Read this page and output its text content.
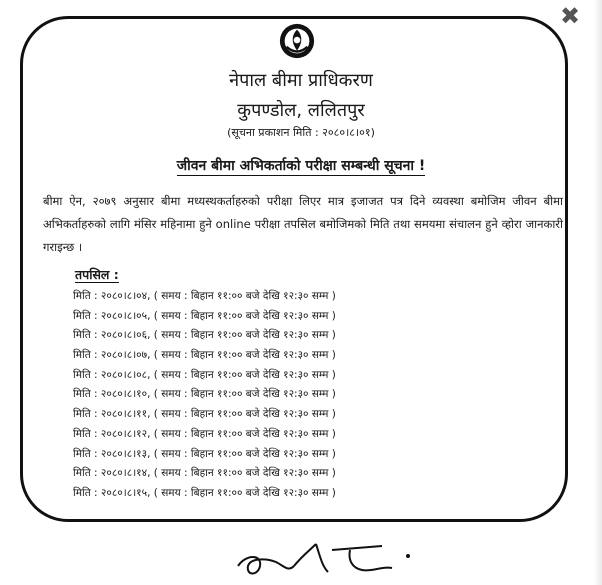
✖
नेपाल बीमा प्राधिकरण
कुपण्डोल, ललितपुर
(सूचना प्रकाशन मिति : २०८०।८।०१)
जीवन बीमा अभिकर्ताको परीक्षा सम्बन्धी सूचना !
बीमा ऐन, २०७९ अनुसार बीमा मध्यस्थकर्ताहरुको परीक्षा लिएर मात्र इजाजत पत्र दिने व्यवस्था बमोजिम जीवन बीमा अभिकर्ताहरुको लागि मंसिर महिनामा हुने online परीक्षा तपसिल बमोजिमको मिति तथा समयमा संचालन हुने व्होरा जानकारी गराइन्छ ।
तपसिल :
मिति : २०८०।८।०४, ( समय : बिहान ११:०० बजे देखि १२:३० सम्म )
मिति : २०८०।८।०५, ( समय : बिहान ११:०० बजे देखि १२:३० सम्म )
मिति : २०८०।८।०६, ( समय : बिहान ११:०० बजे देखि १२:३० सम्म )
मिति : २०८०।८।०७, ( समय : बिहान ११:०० बजे देखि १२:३० सम्म )
मिति : २०८०।८।०८, ( समय : बिहान ११:०० बजे देखि १२:३० सम्म )
मिति : २०८०।८।१०, ( समय : बिहान ११:०० बजे देखि १२:३० सम्म )
मिति : २०८०।८।११, ( समय : बिहान ११:०० बजे देखि १२:३० सम्म )
मिति : २०८०।८।१२, ( समय : बिहान ११:०० बजे देखि १२:३० सम्म )
मिति : २०८०।८।१३, ( समय : बिहान ११:०० बजे देखि १२:३० सम्म )
मिति : २०८०।८।१४, ( समय : बिहान ११:०० बजे देखि १२:३० सम्म )
मिति : २०८०।८।१५, ( समय : बिहान ११:०० बजे देखि १२:३० सम्म )
